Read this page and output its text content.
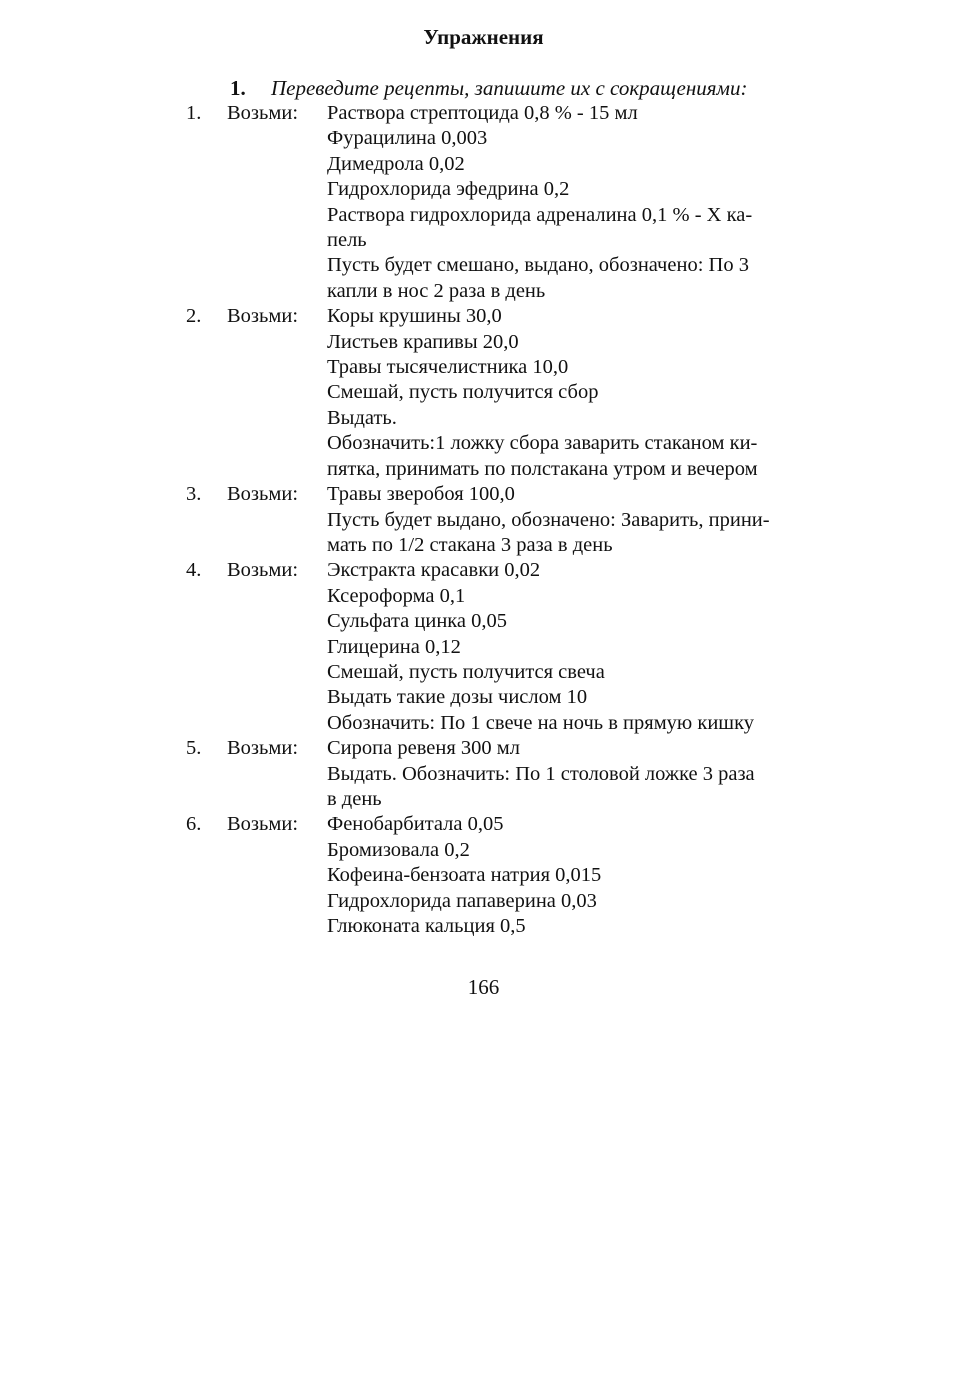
Упражнения
1. Переведите рецепты, запишите их с сокращениями:
1. Возьми: Раствора стрептоцида 0,8 % - 15 мл
Фурацилина 0,003
Димедрола 0,02
Гидрохлорида эфедрина 0,2
Раствора гидрохлорида адреналина 0,1 % - X ка-
пель
Пусть будет смешано, выдано, обозначено: По 3
капли в нос 2 раза в день
2. Возьми: Коры крушины 30,0
Листьев крапивы 20,0
Травы тысячелистника 10,0
Смешай, пусть получится сбор
Выдать.
Обозначить:1 ложку сбора заварить стаканом ки-
пятка, принимать по полстакана утром и вечером
3. Возьми: Травы зверобоя 100,0
Пусть будет выдано, обозначено: Заварить, прини-
мать по 1/2 стакана 3 раза в день
4. Возьми: Экстракта красавки 0,02
Ксероформа 0,1
Сульфата цинка 0,05
Глицерина 0,12
Смешай, пусть получится свеча
Выдать такие дозы числом 10
Обозначить: По 1 свече на ночь в прямую кишку
5. Возьми: Сиропа ревеня 300 мл
Выдать. Обозначить: По 1 столовой ложке 3 раза
в день
6. Возьми: Фенобарбитала 0,05
Бромизовала 0,2
Кофеина-бензоата натрия 0,015
Гидрохлорида папаверина 0,03
Глюконата кальция 0,5
166
